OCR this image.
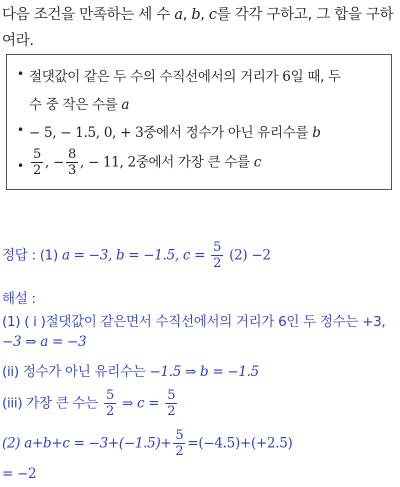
다음 조건을 만족하는 세 수 a, b, c를 각각 구하고, 그 합을 구하여라.
• 절댓값이 같은 두 수의 수직선에서의 거리가 6일 때, 두
수 중 작은 수를 a
• − 5, − 1.5, 0, + 3중에서 정수가 아닌 유리수를 b
• $\frac{5}{2}$ , − $\frac{8}{3}$ , − 11, 2중에서 가장 큰 수를 c
정답 : (1) a = −3, b = −1.5, $c = \frac{5}{2} (2) -2$
해설 :
(1) ( i )절댓값이 같은면서 수직선에서의 거리가 6인 두 정수는 +3,
−3 ⇒ a = −3
(ii) 정수가 아닌 유리수는 −1.5 ⇒ b = −1.5
(iii) 가장 큰 수는 $\frac{5}{2}$ ⇒ $c = \frac{5}{2}$
(2) $a+b+c = -3+(-1.5)+ \frac{5}{2} =(-4.5)+(+2.5)$
= −2
